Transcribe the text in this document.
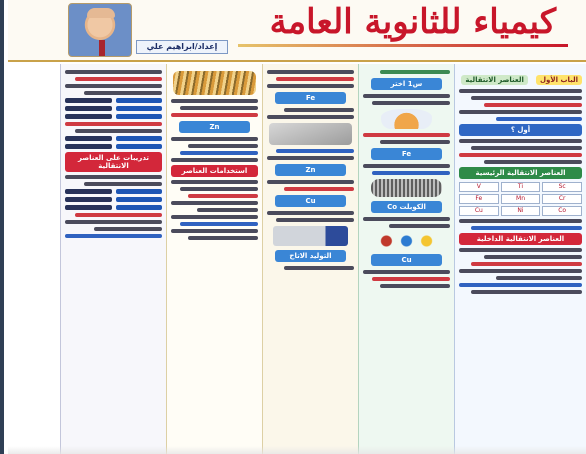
كيمياء للثانوية العامة
إعداد/ابراهيم علي
الباب الأول العناصر الانتقالية
أول ؟
العناصر الانتقالية الرئيسية
Sc
Ti
V
Cr
Mn
Fe
Co
Ni
Cu
العناصر الانتقالية الداخلية
س1 اختر
Fe
الكوبلت Co
Cu
Fe
Zn
Cu
التوليد الاتاح
Zn
استخدامات العناصر
تدريبات على العناصر الانتقالية
